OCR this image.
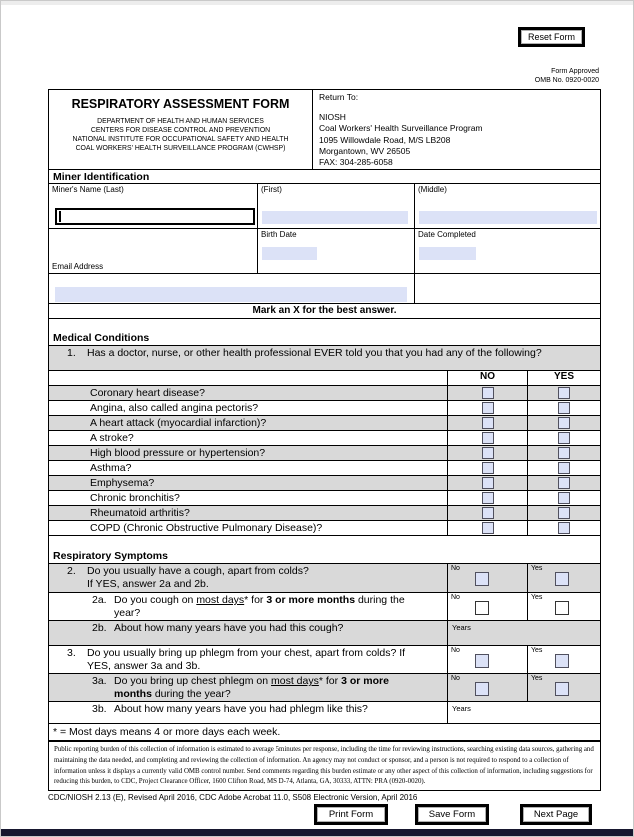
Reset Form
Form Approved
OMB No. 0920-0020
RESPIRATORY ASSESSMENT FORM
DEPARTMENT OF HEALTH AND HUMAN SERVICES
CENTERS FOR DISEASE CONTROL AND PREVENTION
NATIONAL INSTITUTE FOR OCCUPATIONAL SAFETY AND HEALTH
COAL WORKERS' HEALTH SURVEILLANCE PROGRAM (CWHSP)
Return To:
NIOSH
Coal Workers' Health Surveillance Program
1095 Willowdale Road, M/S LB208
Morgantown, WV 26505
FAX: 304-285-6058
Miner Identification
Miner's Name (Last)	(First)	(Middle)
Email Address
Birth Date	Date Completed
Mark an X for the best answer.
Medical Conditions
1. Has a doctor, nurse, or other health professional EVER told you that you had any of the following?
NO	YES
Coronary heart disease?
Angina, also called angina pectoris?
A heart attack (myocardial infarction)?
A stroke?
High blood pressure or hypertension?
Asthma?
Emphysema?
Chronic bronchitis?
Rheumatoid arthritis?
COPD (Chronic Obstructive Pulmonary Disease)?
Respiratory Symptoms
2. Do you usually have a cough, apart from colds?
If YES, answer 2a and 2b.
No	Yes
2a. Do you cough on most days* for 3 or more months during the year?
No	Yes
2b. About how many years have you had this cough?	Years
3. Do you usually bring up phlegm from your chest, apart from colds? If YES, answer 3a and 3b.
No	Yes
3a. Do you bring up chest phlegm on most days* for 3 or more months during the year?
No	Yes
3b. About how many years have you had phlegm like this?	Years
* = Most days means 4 or more days each week.
Public reporting burden of this collection of information is estimated to average 5minutes per response, including the time for reviewing instructions, searching existing data sources, gathering and maintaining the data needed, and completing and reviewing the collection of information. An agency may not conduct or sponsor, and a person is not required to respond to a collection of information unless it displays a currently valid OMB control number. Send comments regarding this burden estimate or any other aspect of this collection of information, including suggestions for reducing this burden, to CDC, Project Clearance Officer, 1600 Clifton Road, MS D-74, Atlanta, GA, 30333, ATTN: PRA (0920-0020).
CDC/NIOSH 2.13 (E), Revised April 2016, CDC Adobe Acrobat 11.0, S508 Electronic Version, April 2016
Print Form	Save Form	Next Page
